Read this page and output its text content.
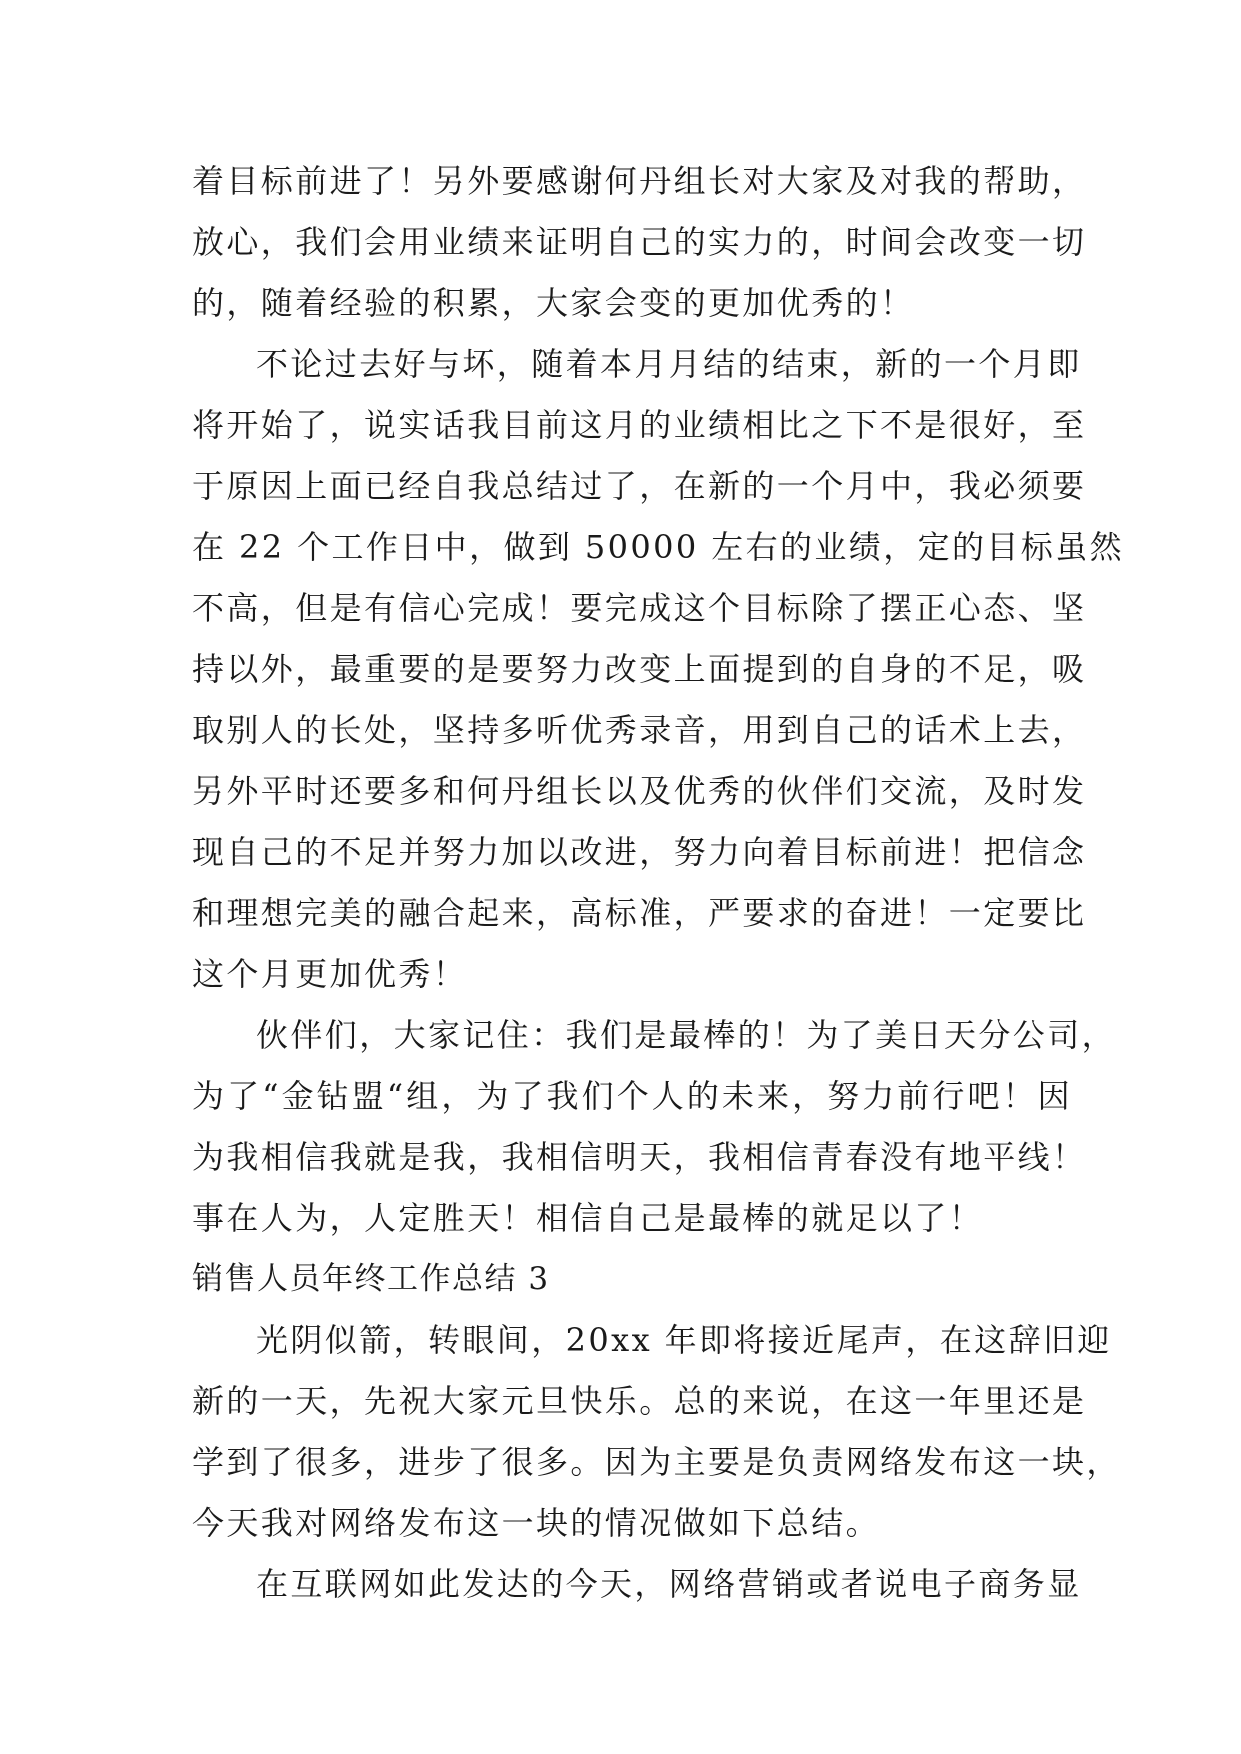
着目标前进了！另外要感谢何丹组长对大家及对我的帮助，
放心，我们会用业绩来证明自己的实力的，时间会改变一切
的，随着经验的积累，大家会变的更加优秀的！
不论过去好与坏，随着本月月结的结束，新的一个月即
将开始了，说实话我目前这月的业绩相比之下不是很好，至
于原因上面已经自我总结过了，在新的一个月中，我必须要
在 22 个工作日中，做到 50000 左右的业绩，定的目标虽然
不高，但是有信心完成！要完成这个目标除了摆正心态、坚
持以外，最重要的是要努力改变上面提到的自身的不足，吸
取别人的长处，坚持多听优秀录音，用到自己的话术上去，
另外平时还要多和何丹组长以及优秀的伙伴们交流，及时发
现自己的不足并努力加以改进，努力向着目标前进！把信念
和理想完美的融合起来，高标准，严要求的奋进！一定要比
这个月更加优秀！
伙伴们，大家记住：我们是最棒的！为了美日天分公司，
为了“金钻盟“组，为了我们个人的未来，努力前行吧！因
为我相信我就是我，我相信明天，我相信青春没有地平线！
事在人为，人定胜天！相信自己是最棒的就足以了！
销售人员年终工作总结 3
光阴似箭，转眼间，20xx 年即将接近尾声，在这辞旧迎
新的一天，先祝大家元旦快乐。总的来说，在这一年里还是
学到了很多，进步了很多。因为主要是负责网络发布这一块，
今天我对网络发布这一块的情况做如下总结。
在互联网如此发达的今天，网络营销或者说电子商务显
